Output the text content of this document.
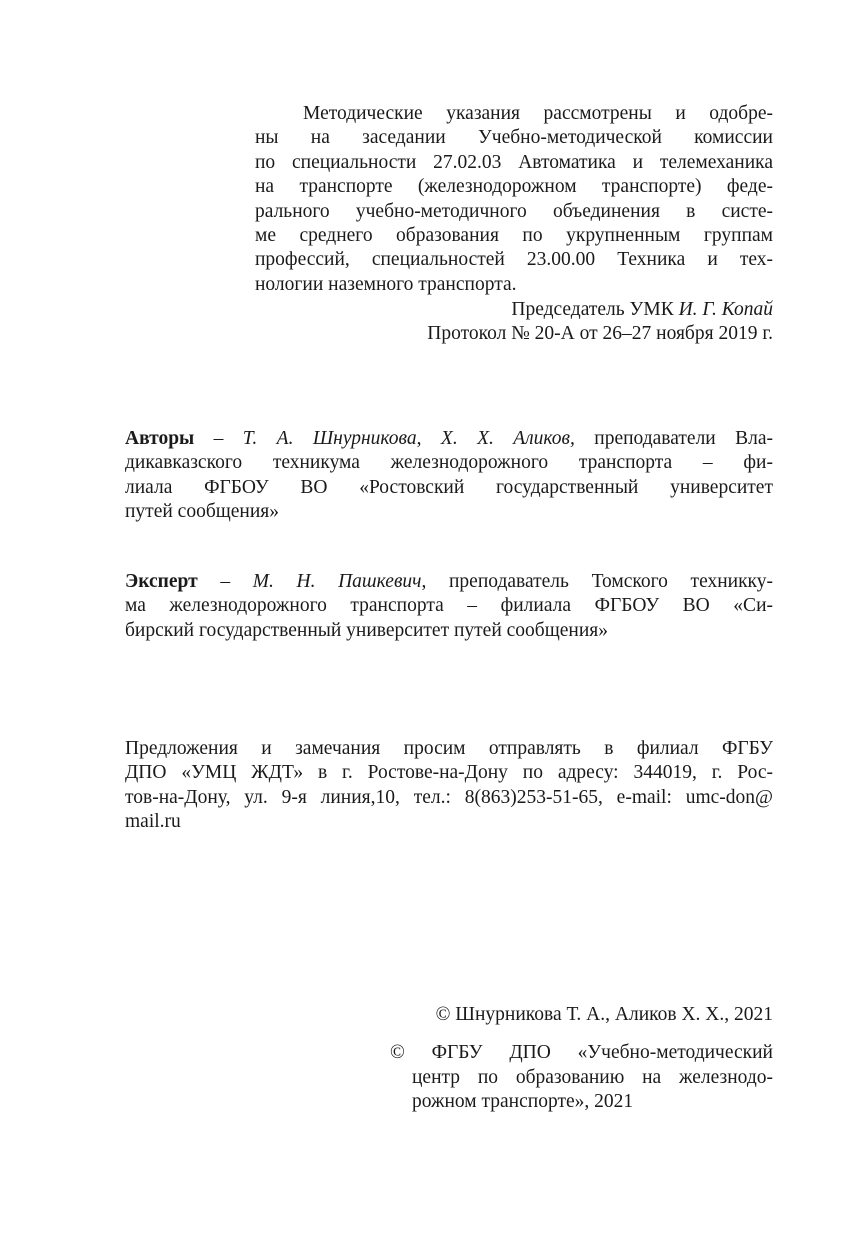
Методические указания рассмотрены и одобре-
ны на заседании Учебно-методической комиссии
по специальности 27.02.03 Автоматика и телемеханика
на транспорте (железнодорожном транспорте) феде-
рального учебно-методичного объединения в систе-
ме среднего образования по укрупненным группам
профессий, специальностей 23.00.00 Техника и тех-
нологии наземного транспорта.
Председатель УМК И. Г. Копай
Протокол № 20-А от 26–27 ноября 2019 г.
Авторы – Т. А. Шнурникова, Х. Х. Аликов, преподаватели Вла-
дикавказского техникума железнодорожного транспорта – фи-
лиала ФГБОУ ВО «Ростовский государственный университет
путей сообщения»
Эксперт – М. Н. Пашкевич, преподаватель Томского техникку-
ма железнодорожного транспорта – филиала ФГБОУ ВО «Си-
бирский государственный университет путей сообщения»
Предложения и замечания просим отправлять в филиал ФГБУ
ДПО «УМЦ ЖДТ» в г. Ростове-на-Дону по адресу: 344019, г. Рос-
тов-на-Дону, ул. 9-я линия,10, тел.: 8(863)253-51-65, e-mail: umc-don@
mail.ru
© Шнурникова Т. А., Аликов Х. Х., 2021
© ФГБУ ДПО «Учебно-методический
центр по образованию на железнодо-
рожном транспорте», 2021
